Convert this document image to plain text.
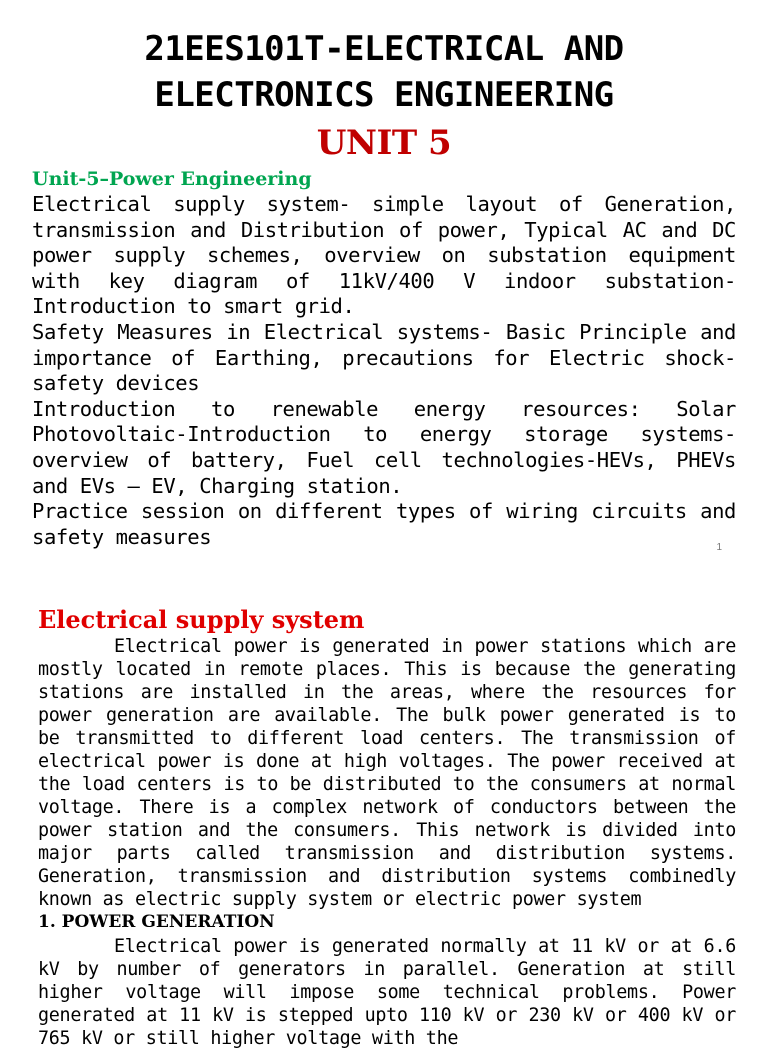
21EES101T-ELECTRICAL AND
ELECTRONICS ENGINEERING
UNIT 5
Unit-5–Power Engineering

Electrical supply system- simple layout of Generation, transmission and Distribution of power, Typical AC and DC power supply schemes, overview on substation equipment with key diagram of 11kV/400 V indoor substation- Introduction to smart grid.

Safety Measures in Electrical systems- Basic Principle and importance of Earthing, precautions for Electric shock- safety devices

Introduction to renewable energy resources: Solar Photovoltaic-Introduction to energy storage systems-overview of battery, Fuel cell technologies-HEVs, PHEVs and EVs – EV, Charging station.

Practice session on different types of wiring circuits and safety measures	1
Electrical supply system

Electrical power is generated in power stations which are mostly located in remote places. This is because the generating stations are installed in the areas, where the resources for power generation are available. The bulk power generated is to be transmitted to different load centers. The transmission of electrical power is done at high voltages. The power received at the load centers is to be distributed to the consumers at normal voltage. There is a complex network of conductors between the power station and the consumers. This network is divided into major parts called transmission and distribution systems. Generation, transmission and distribution systems combinedly known as electric supply system or electric power system

1. POWER GENERATION

Electrical power is generated normally at 11 kV or at 6.6 kV by number of generators in parallel. Generation at still higher voltage will impose some technical problems. Power generated at 11 kV is stepped upto 110 kV or 230 kV or 400 kV or 765 kV or still higher voltage with the
